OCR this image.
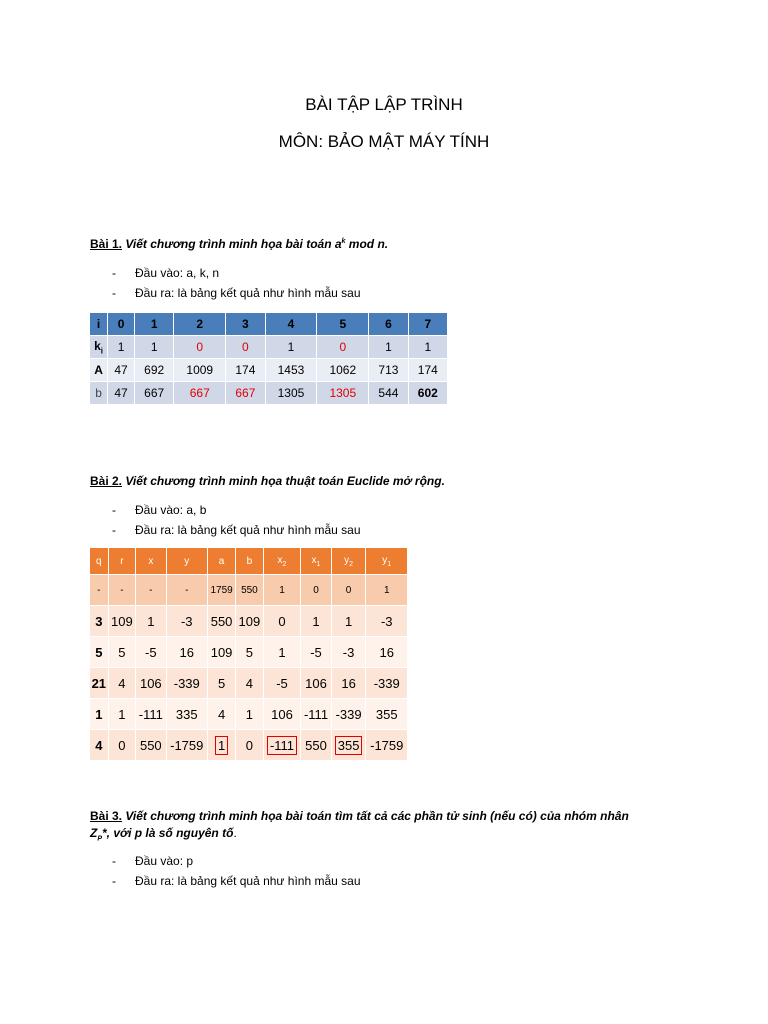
BÀI TẬP LẬP TRÌNH
MÔN: BẢO MẬT MÁY TÍNH
Bài 1. Viết chương trình minh họa bài toán $a^k$ mod n.
- Đầu vào: a, k, n
- Đầu ra: là bảng kết quả như hình mẫu sau
i	0	1	2	3	4	5	6	7
$k_i$	1	1	0	0	1	0	1	1
A	47	692	1009	174	1453	1062	713	174
b	47	667	667	667	1305	1305	544	602
Bài 2. Viết chương trình minh họa thuật toán Euclide mở rộng.
- Đầu vào: a, b
- Đầu ra: là bảng kết quả như hình mẫu sau
q	r	x	y	a	b	$x_2$	$x_1$	$y_2$	$y_1$
-	-	-	-	1759	550	1	0	0	1
3	109	1	-3	550	109	0	1	1	-3
5	5	-5	16	109	5	1	-5	-3	16
21	4	106	-339	5	4	-5	106	16	-339
1	1	-111	335	4	1	106	-111	-339	355
4	0	550	-1759	1	0	-111	550	355	-1759
Bài 3. Viết chương trình minh họa bài toán tìm tất cả các phần tử sinh (nếu có) của nhóm nhân
$Z_P*$, với p là số nguyên tố.
- Đầu vào: p
- Đầu ra: là bảng kết quả như hình mẫu sau
